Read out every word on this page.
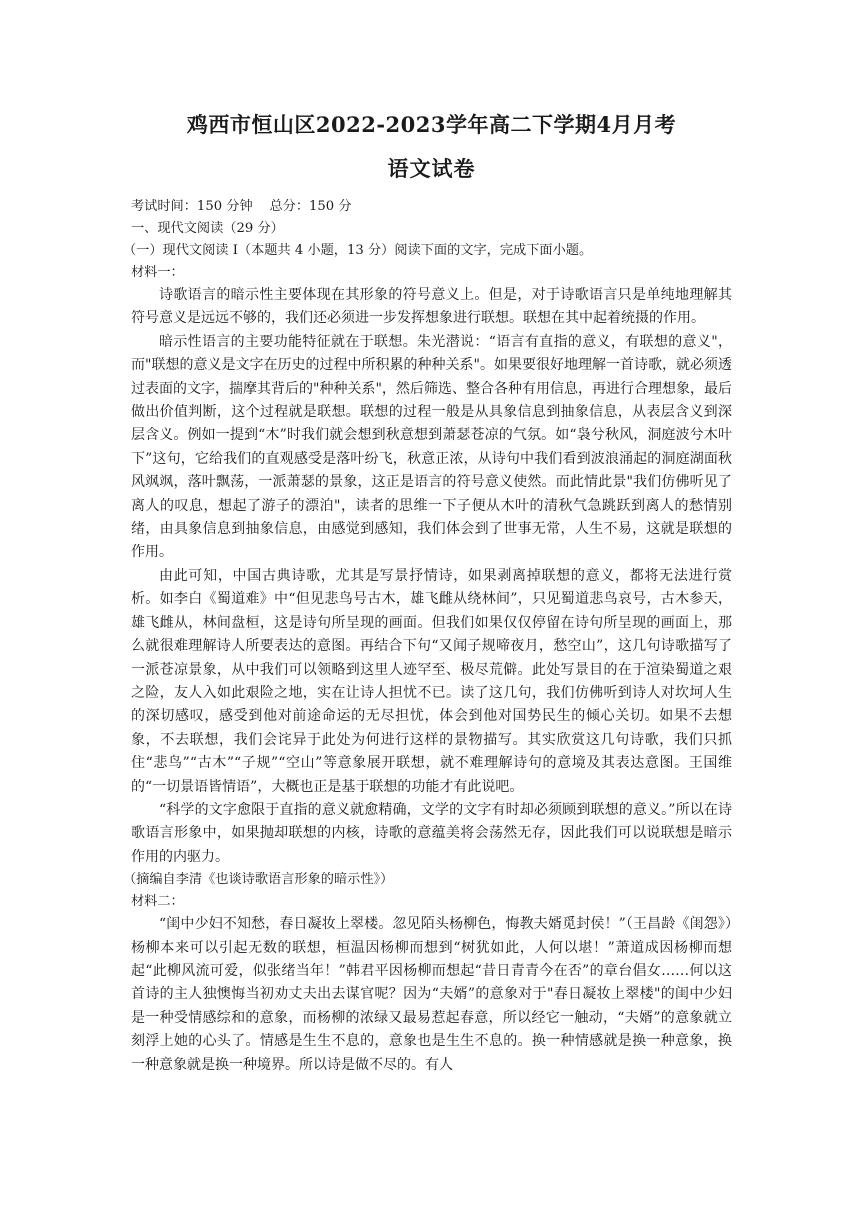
鸡西市恒山区2022-2023学年高二下学期4月月考
语文试卷

考试时间：150 分钟    总分：150 分

一、现代文阅读（29 分）

（一）现代文阅读 I（本题共 4 小题，13 分）阅读下面的文字，完成下面小题。

材料一：

诗歌语言的暗示性主要体现在其形象的符号意义上。但是，对于诗歌语言只是单纯地理解其符号意义是远远不够的，我们还必须进一步发挥想象进行联想。联想在其中起着统摄的作用。

暗示性语言的主要功能特征就在于联想。朱光潜说：“语言有直指的意义，有联想的意义"，而"联想的意义是文字在历史的过程中所积累的种种关系"。如果要很好地理解一首诗歌，就必须透过表面的文字，揣摩其背后的"种种关系"，然后筛选、整合各种有用信息，再进行合理想象，最后做出价值判断，这个过程就是联想。联想的过程一般是从具象信息到抽象信息，从表层含义到深层含义。例如一提到“木”时我们就会想到秋意想到萧瑟苍凉的气氛。如“袅兮秋风，洞庭波兮木叶下”这句，它给我们的直观感受是落叶纷飞，秋意正浓，从诗句中我们看到波浪涌起的洞庭湖面秋风飒飒，落叶飘荡，一派萧瑟的景象，这正是语言的符号意义使然。而此情此景"我们仿佛听见了离人的叹息，想起了游子的漂泊"，读者的思维一下子便从木叶的清秋气急跳跃到离人的愁情别绪，由具象信息到抽象信息，由感觉到感知，我们体会到了世事无常，人生不易，这就是联想的作用。

由此可知，中国古典诗歌，尤其是写景抒情诗，如果剥离掉联想的意义，都将无法进行赏析。如李白《蜀道难》中“但见悲鸟号古木，雄飞雌从绕林间”，只见蜀道悲鸟哀号，古木参天，雄飞雌从，林间盘桓，这是诗句所呈现的画面。但我们如果仅仅停留在诗句所呈现的画面上，那么就很难理解诗人所要表达的意图。再结合下句“又闻子规啼夜月，愁空山”，这几句诗歌描写了一派苍凉景象，从中我们可以领略到这里人迹罕至、极尽荒僻。此处写景目的在于渲染蜀道之艰之险，友人入如此艰险之地，实在让诗人担忧不已。读了这几句，我们仿佛听到诗人对坎坷人生的深切感叹，感受到他对前途命运的无尽担忧，体会到他对国势民生的倾心关切。如果不去想象，不去联想，我们会诧异于此处为何进行这样的景物描写。其实欣赏这几句诗歌，我们只抓住“悲鸟”“古木”“子规”“空山”等意象展开联想，就不难理解诗句的意境及其表达意图。王国维的“一切景语皆情语”，大概也正是基于联想的功能才有此说吧。

“科学的文字愈限于直指的意义就愈精确，文学的文字有时却必须顾到联想的意义。”所以在诗歌语言形象中，如果抛却联想的内核，诗歌的意蕴美将会荡然无存，因此我们可以说联想是暗示作用的内驱力。

（摘编自李清《也谈诗歌语言形象的暗示性》）

材料二：

“闺中少妇不知愁，春日凝妆上翠楼。忽见陌头杨柳色，悔教夫婿觅封侯！”（王昌龄《闺怨》）杨柳本来可以引起无数的联想，桓温因杨柳而想到“树犹如此，人何以堪！”萧道成因杨柳而想起“此柳风流可爱，似张绪当年！”韩君平因杨柳而想起“昔日青青今在否”的章台倡女……何以这首诗的主人独懊悔当初劝丈夫出去谋官呢？因为“夫婿”的意象对于"春日凝妆上翠楼"的闺中少妇是一种受情感综和的意象，而杨柳的浓绿又最易惹起春意，所以经它一触动，“夫婿”的意象就立刻浮上她的心头了。情感是生生不息的，意象也是生生不息的。换一种情感就是换一种意象，换一种意象就是换一种境界。所以诗是做不尽的。有人
